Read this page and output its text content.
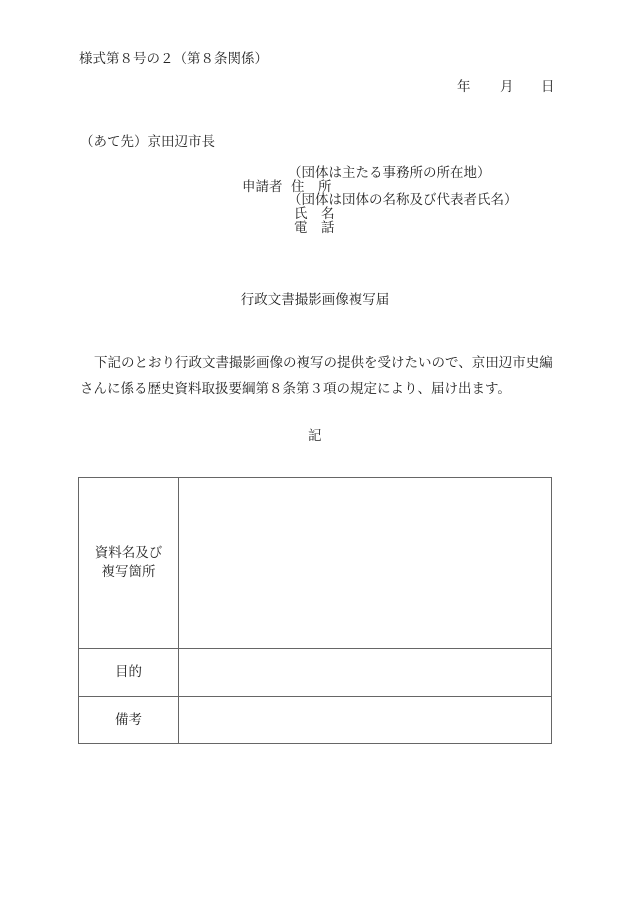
様式第８号の２（第８条関係）
年 月 日
（あて先）京田辺市長
（団体は主たる事務所の所在地）
申請者 住　所
（団体は団体の名称及び代表者氏名）
氏　名
電　話
行政文書撮影画像複写届
下記のとおり行政文書撮影画像の複写の提供を受けたいので、京田辺市史編
さんに係る歴史資料取扱要綱第８条第３項の規定により、届け出ます。
記
資料名及び
複写箇所	

目的	
備考	
